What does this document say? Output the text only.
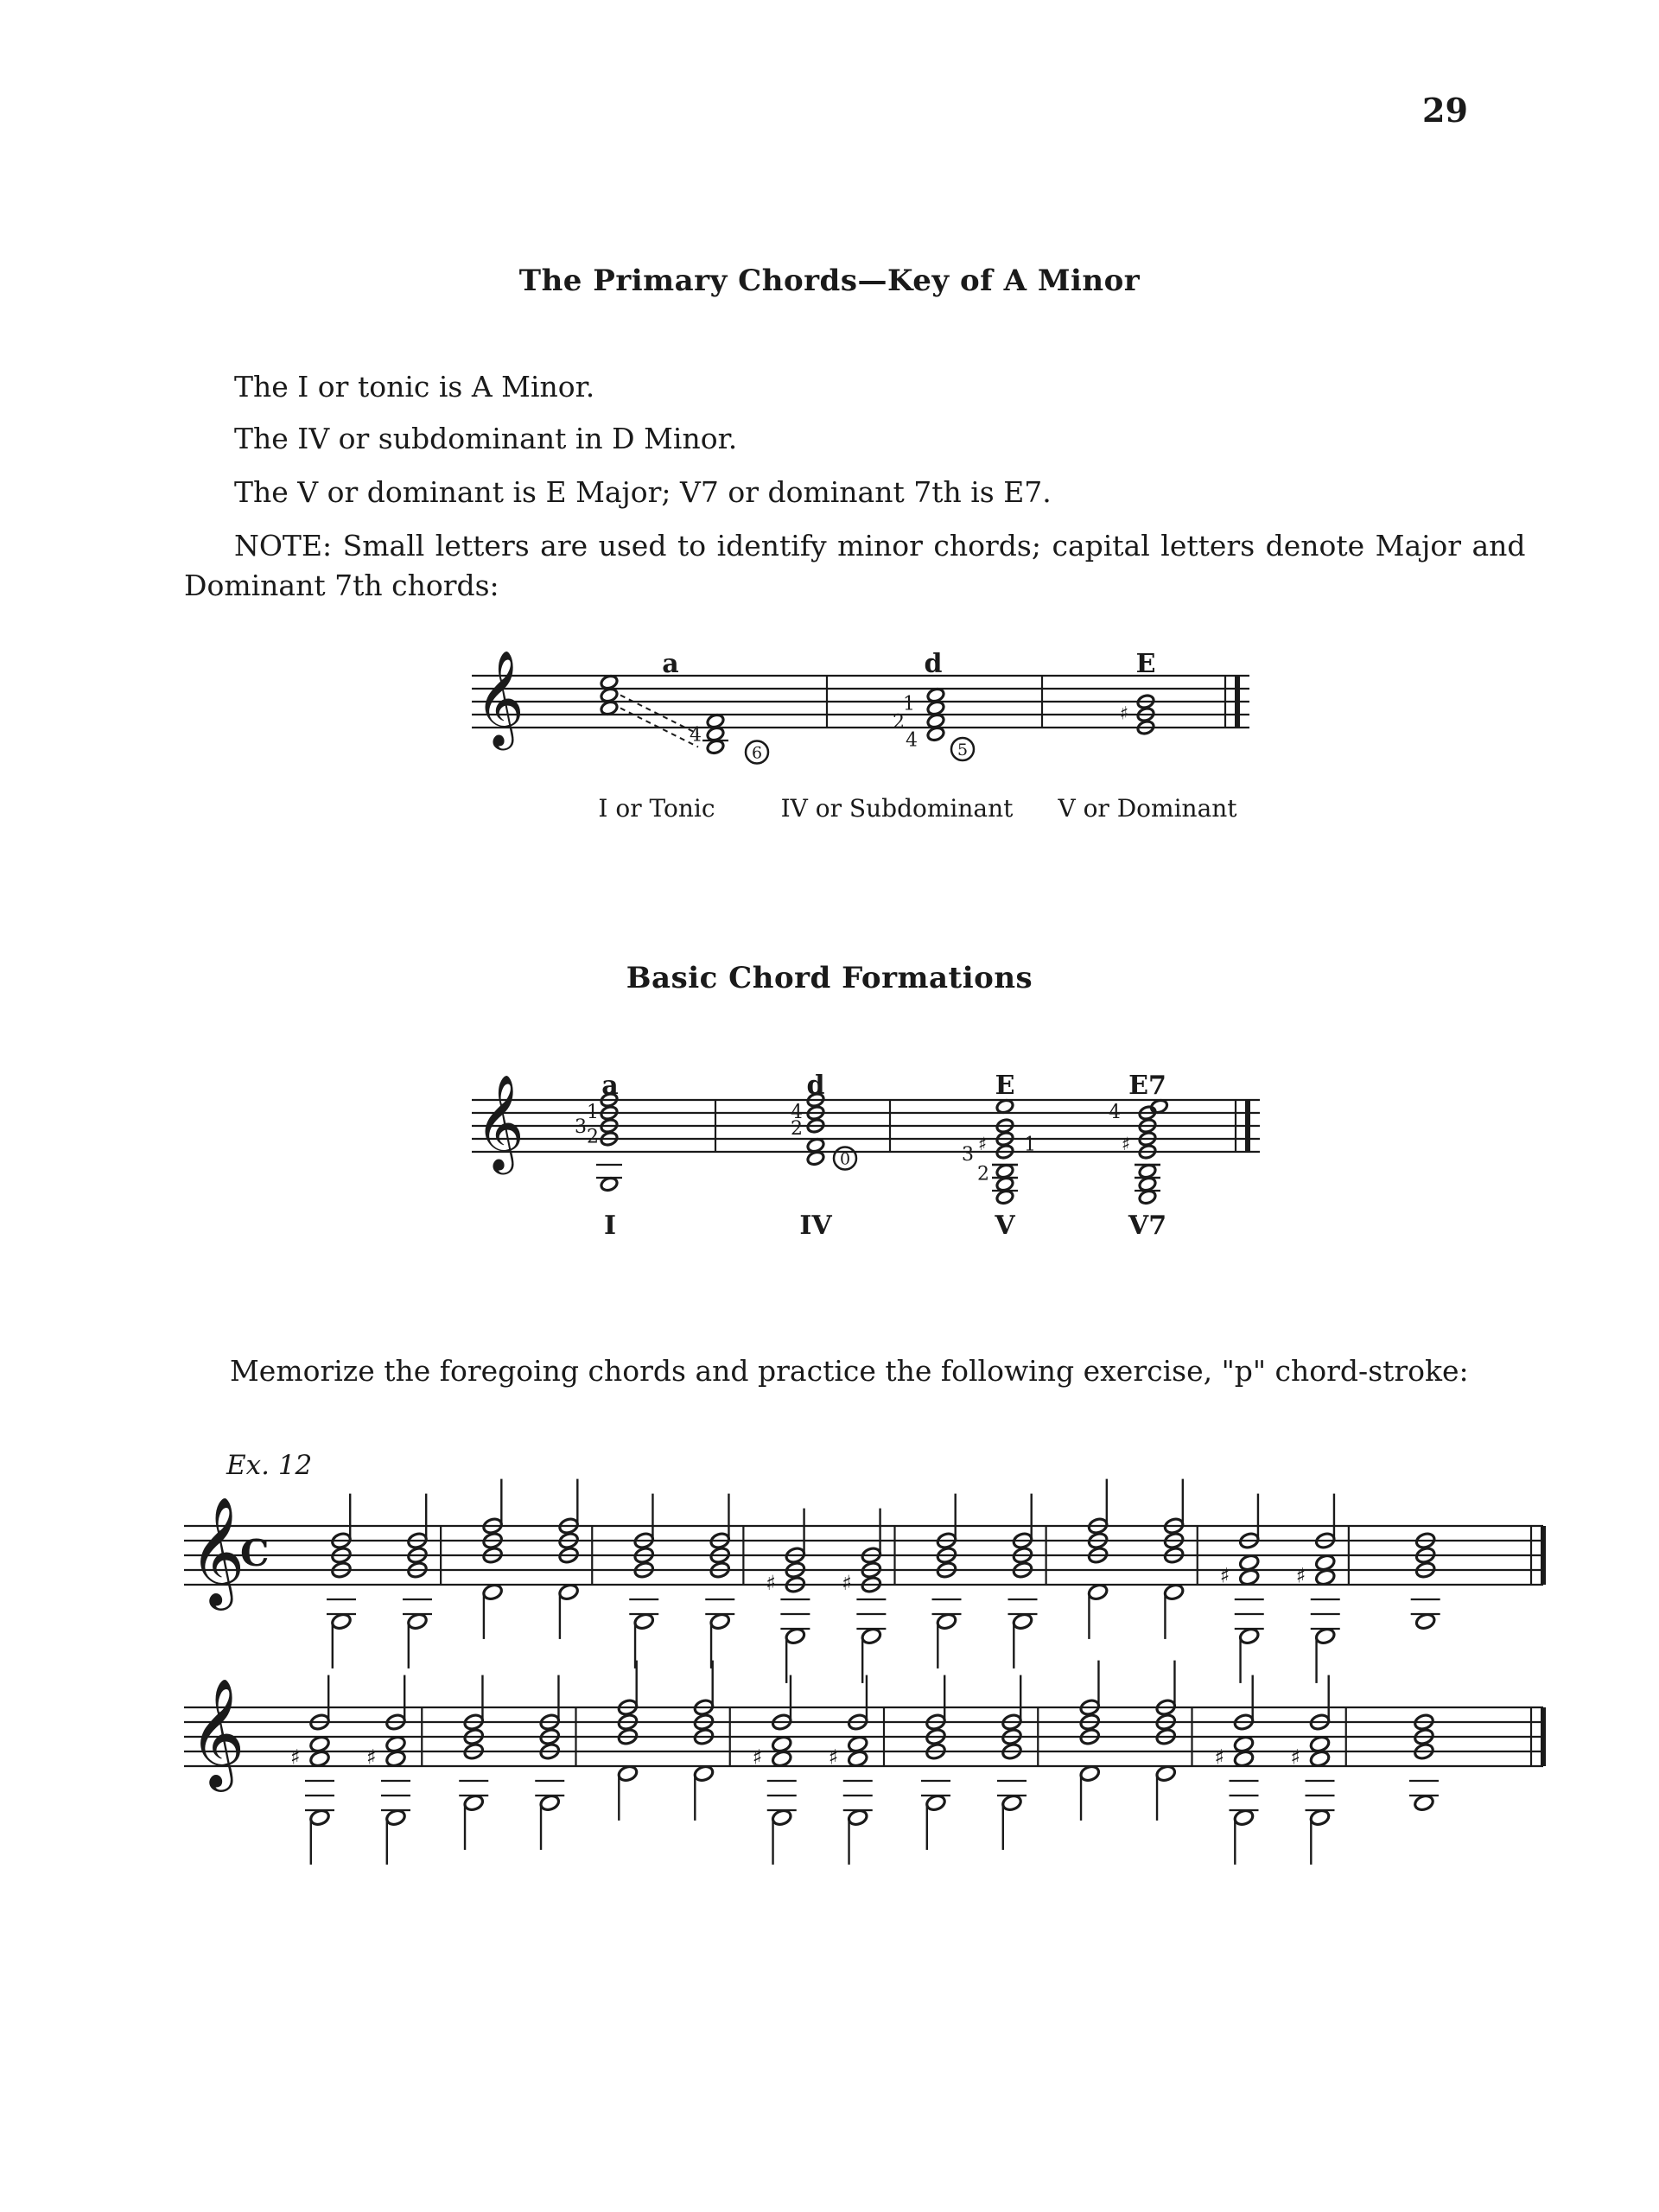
29
The Primary Chords—Key of A Minor
The I or tonic is A Minor.
The IV or subdominant in D Minor.
The V or dominant is E Major; V7 or dominant 7th is E7.
NOTE: Small letters are used to identify minor chords; capital letters denote Major and
Dominant 7th chords:
Basic Chord Formations
Memorize the foregoing chords and practice the following exercise, "p" chord-stroke:
Ex. 12
𝄞	4
6
1
2
4 5
♯
𝄞	1
3 2
4
2
0
♯
3
2
1	♯
4
𝄞
C
♯	♯	♯	♯
𝄞 ♯	♯	♯	♯	♯	♯
a	d	E
I or Tonic	IV or Subdominant V or Dominant
a	d	E	E7
I	IV	V	V7
